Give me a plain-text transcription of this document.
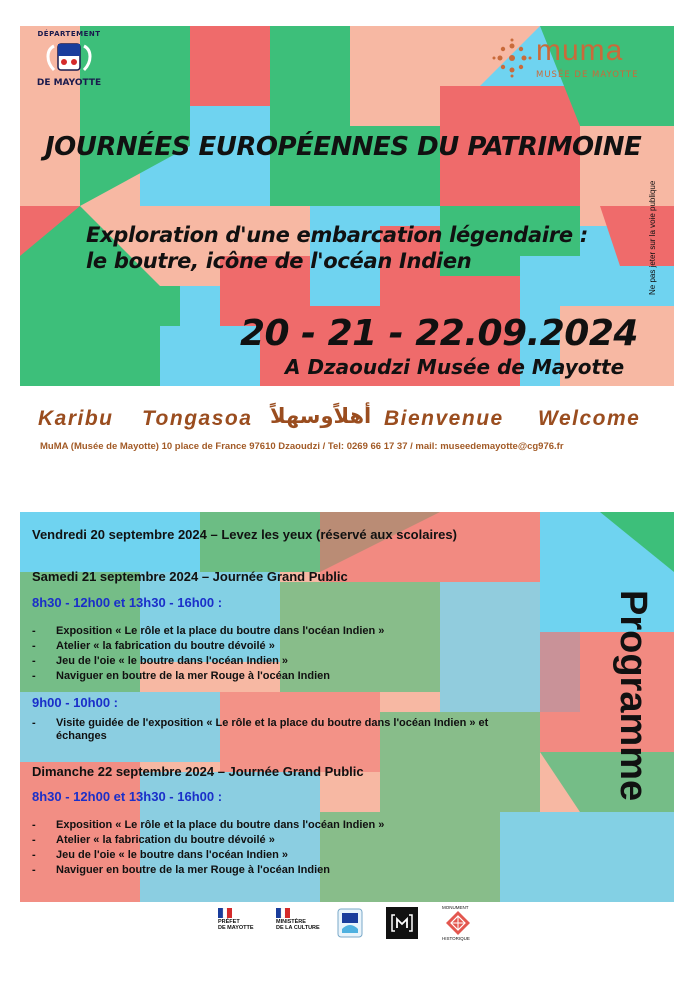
DÉPARTEMENT
DE MAYOTTE
muma
MUSÉE DE MAYOTTE
JOURNÉES EUROPÉENNES DU PATRIMOINE
Exploration d'une embarcation légendaire :
le boutre, icône de l'océan Indien
20 - 21 - 22.09.2024
A Dzaoudzi Musée de Mayotte
Ne pas jeter sur la voie publique
Karibu Tongasoa أهلاًوسهلاً Bienvenue Welcome
MuMA (Musée de Mayotte) 10 place de France 97610 Dzaoudzi / Tel: 0269 66 17 37 / mail: museedemayotte@cg976.fr
Vendredi 20 septembre 2024 – Levez les yeux (réservé aux scolaires)
Samedi 21 septembre 2024 – Journée Grand Public
8h30 - 12h00 et 13h30 - 16h00 :
- Exposition « Le rôle et la place du boutre dans l'océan Indien »
- Atelier « la fabrication du boutre dévoilé »
- Jeu de l'oie « le boutre dans l'océan Indien »
- Naviguer en boutre de la mer Rouge à l'océan Indien
9h00 - 10h00 :
- Visite guidée de l'exposition « Le rôle et la place du boutre dans l'océan Indien » et
échanges
Dimanche 22 septembre 2024 – Journée Grand Public
8h30 - 12h00 et 13h30 - 16h00 :
- Exposition « Le rôle et la place du boutre dans l'océan Indien »
- Atelier « la fabrication du boutre dévoilé »
- Jeu de l'oie « le boutre dans l'océan Indien »
- Naviguer en boutre de la mer Rouge à l'océan Indien
Programme
PRÉFET
DE MAYOTTE
MINISTÈRE
DE LA CULTURE
MONUMENT
HISTORIQUE
